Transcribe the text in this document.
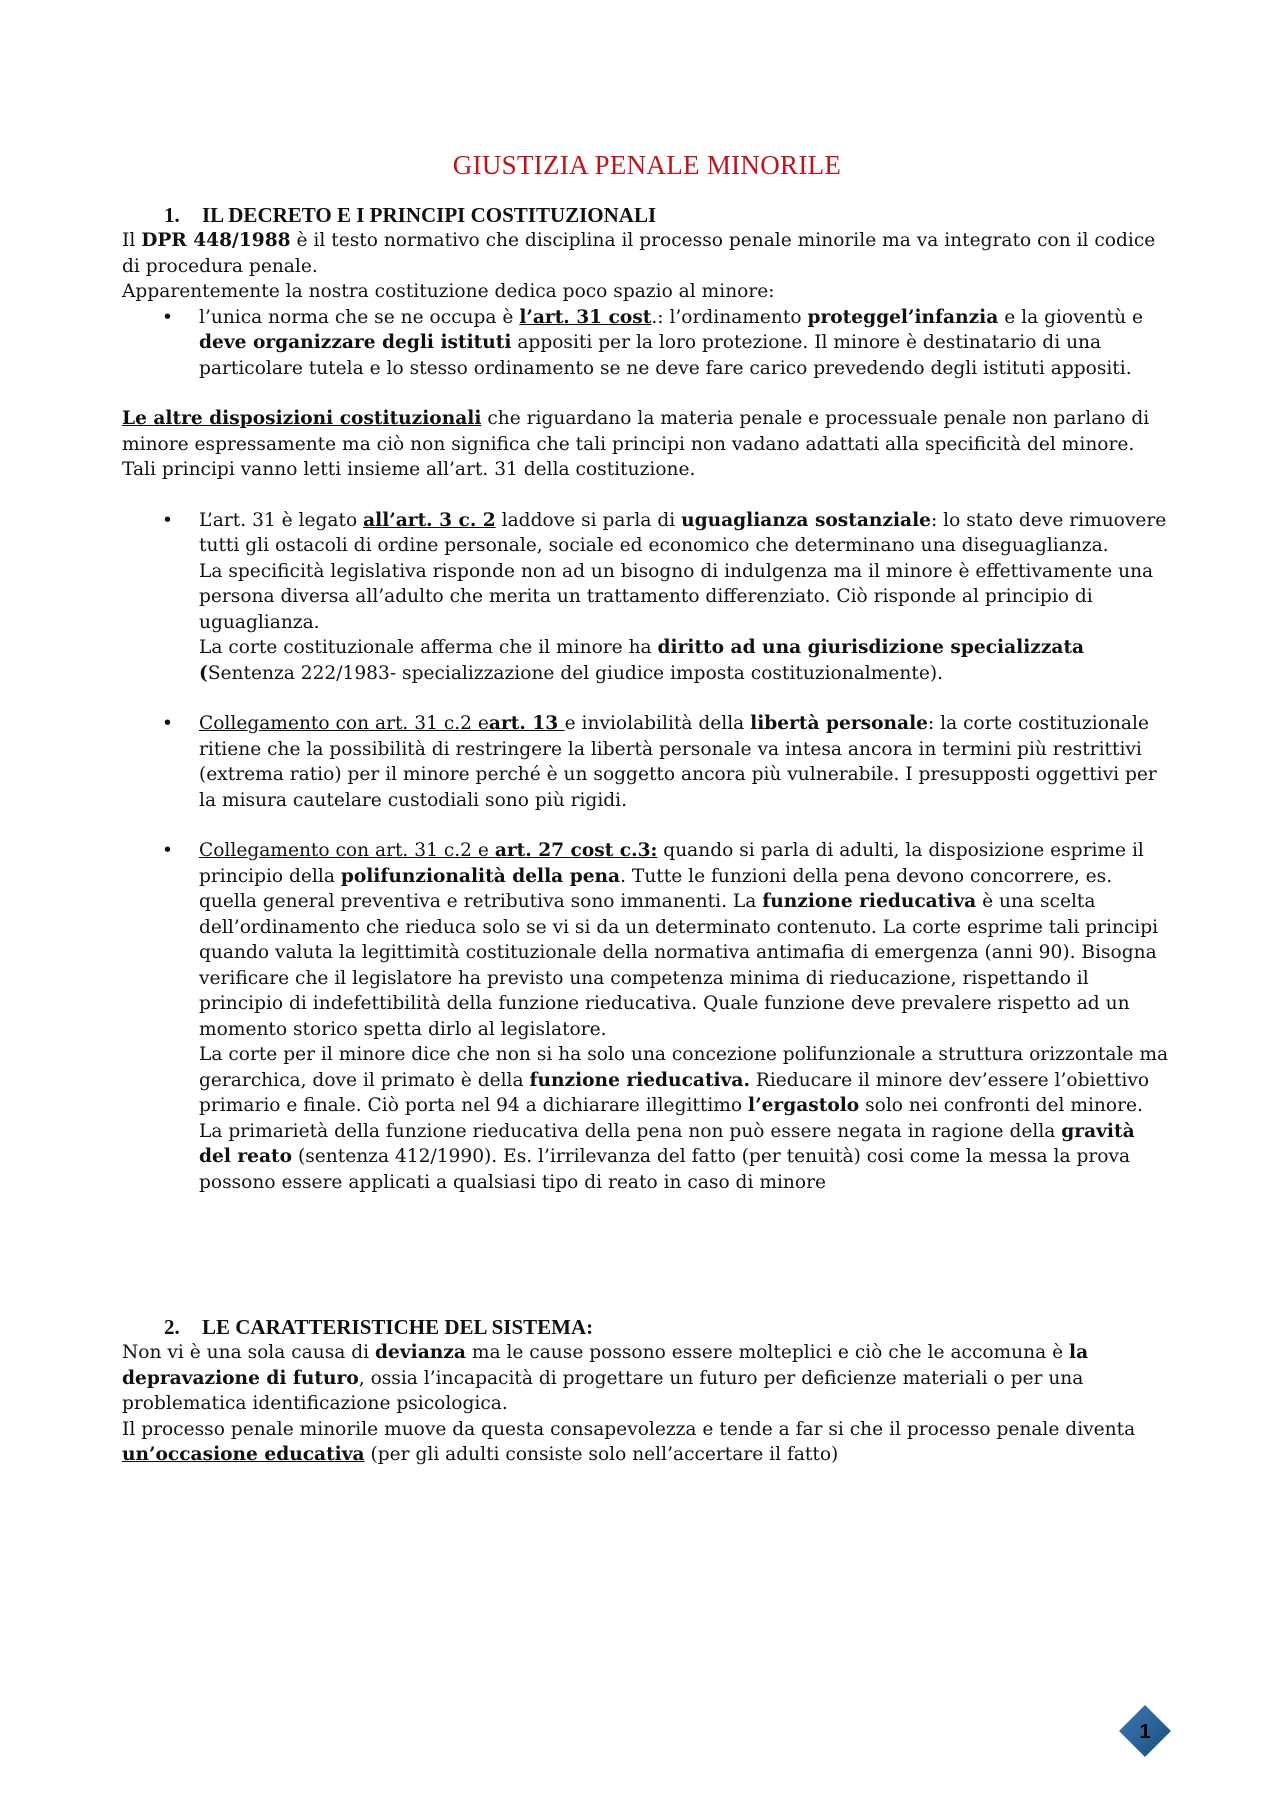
GIUSTIZIA PENALE MINORILE
1. IL DECRETO E I PRINCIPI COSTITUZIONALI

Il DPR 448/1988 è il testo normativo che disciplina il processo penale minorile ma va integrato con il codice di procedura penale.

Apparentemente la nostra costituzione dedica poco spazio al minore:

• l’unica norma che se ne occupa è l’art. 31 cost.: l’ordinamento proteggel’infanzia e la gioventù e deve organizzare degli istituti appositi per la loro protezione. Il minore è destinatario di una particolare tutela e lo stesso ordinamento se ne deve fare carico prevedendo degli istituti appositi.

Le altre disposizioni costituzionali che riguardano la materia penale e processuale penale non parlano di minore espressamente ma ciò non significa che tali principi non vadano adattati alla specificità del minore. Tali principi vanno letti insieme all’art. 31 della costituzione.

• L’art. 31 è legato all’art. 3 c. 2 laddove si parla di uguaglianza sostanziale: lo stato deve rimuovere tutti gli ostacoli di ordine personale, sociale ed economico che determinano una diseguaglianza.
La specificità legislativa risponde non ad un bisogno di indulgenza ma il minore è effettivamente una persona diversa all’adulto che merita un trattamento differenziato. Ciò risponde al principio di uguaglianza.
La corte costituzionale afferma che il minore ha diritto ad una giurisdizione specializzata (Sentenza 222/1983- specializzazione del giudice imposta costituzionalmente).
• Collegamento con art. 31 c.2 eart. 13 e inviolabilità della libertà personale: la corte costituzionale ritiene che la possibilità di restringere la libertà personale va intesa ancora in termini più restrittivi (extrema ratio) per il minore perché è un soggetto ancora più vulnerabile. I presupposti oggettivi per la misura cautelare custodiali sono più rigidi.
• Collegamento con art. 31 c.2 e art. 27 cost c.3: quando si parla di adulti, la disposizione esprime il principio della polifunzionalità della pena. Tutte le funzioni della pena devono concorrere, es. quella general preventiva e retributiva sono immanenti. La funzione rieducativa è una scelta dell’ordinamento che rieduca solo se vi si da un determinato contenuto. La corte esprime tali principi quando valuta la legittimità costituzionale della normativa antimafia di emergenza (anni 90). Bisogna verificare che il legislatore ha previsto una competenza minima di rieducazione, rispettando il principio di indefettibilità della funzione rieducativa. Quale funzione deve prevalere rispetto ad un momento storico spetta dirlo al legislatore.
La corte per il minore dice che non si ha solo una concezione polifunzionale a struttura orizzontale ma gerarchica, dove il primato è della funzione rieducativa. Rieducare il minore dev’essere l’obiettivo primario e finale. Ciò porta nel 94 a dichiarare illegittimo l’ergastolo solo nei confronti del minore.
La primarietà della funzione rieducativa della pena non può essere negata in ragione della gravità del reato (sentenza 412/1990). Es. l’irrilevanza del fatto (per tenuità) cosi come la messa la prova possono essere applicati a qualsiasi tipo di reato in caso di minore
2. LE CARATTERISTICHE DEL SISTEMA:

Non vi è una sola causa di devianza ma le cause possono essere molteplici e ciò che le accomuna è la depravazione di futuro, ossia l’incapacità di progettare un futuro per deficienze materiali o per una problematica identificazione psicologica.

Il processo penale minorile muove da questa consapevolezza e tende a far si che il processo penale diventa un’occasione educativa (per gli adulti consiste solo nell’accertare il fatto)

1
